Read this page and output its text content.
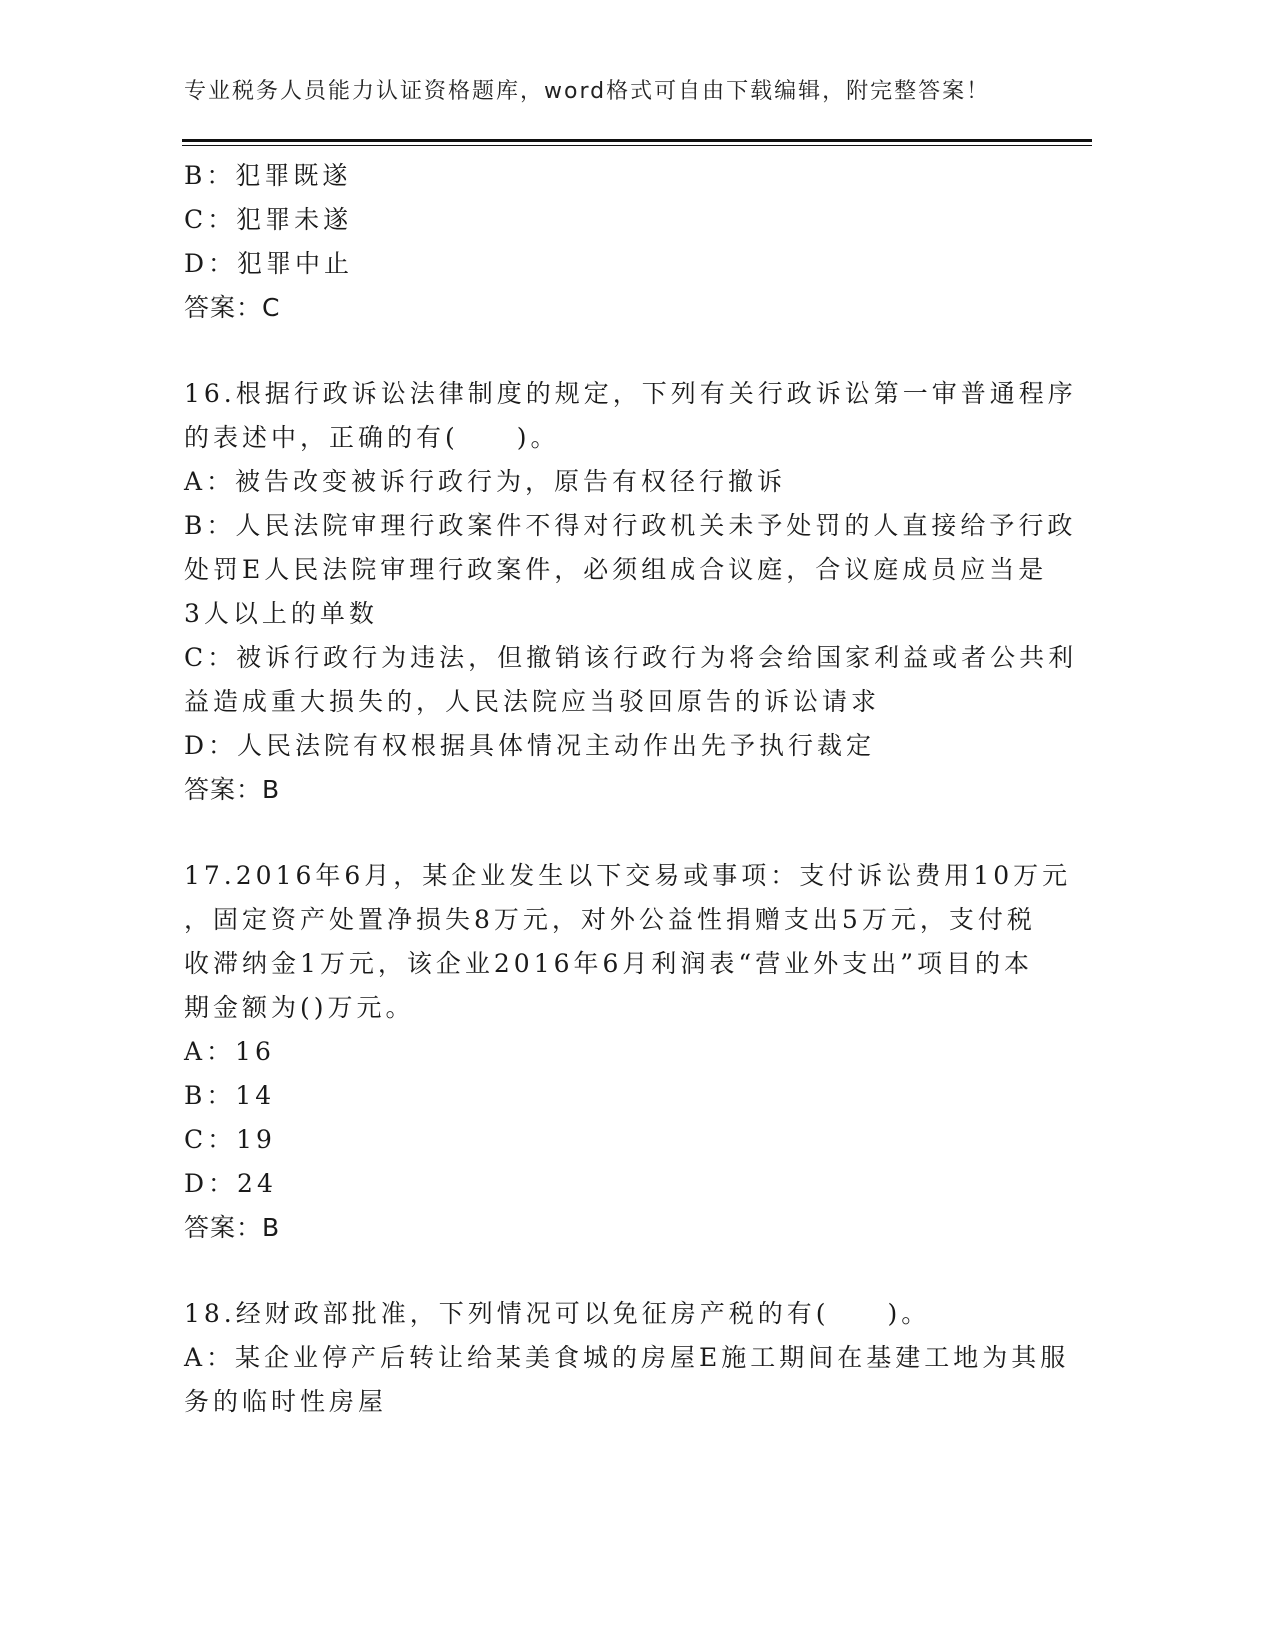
专业税务人员能力认证资格题库，word格式可自由下载编辑，附完整答案！

B：犯罪既遂

C：犯罪未遂

D：犯罪中止

答案：C

16.根据行政诉讼法律制度的规定，下列有关行政诉讼第一审普通程序

的表述中，正确的有(　　)。

A：被告改变被诉行政行为，原告有权径行撤诉

B：人民法院审理行政案件不得对行政机关未予处罚的人直接给予行政

处罚E人民法院审理行政案件，必须组成合议庭，合议庭成员应当是

3人以上的单数

C：被诉行政行为违法，但撤销该行政行为将会给国家利益或者公共利

益造成重大损失的，人民法院应当驳回原告的诉讼请求

D：人民法院有权根据具体情况主动作出先予执行裁定

答案：B

17.2016年6月，某企业发生以下交易或事项：支付诉讼费用10万元

，固定资产处置净损失8万元，对外公益性捐赠支出5万元，支付税

收滞纳金1万元，该企业2016年6月利润表“营业外支出”项目的本

期金额为()万元。

A：16

B：14

C：19

D：24

答案：B

18.经财政部批准，下列情况可以免征房产税的有(　　)。

A：某企业停产后转让给某美食城的房屋E施工期间在基建工地为其服

务的临时性房屋
